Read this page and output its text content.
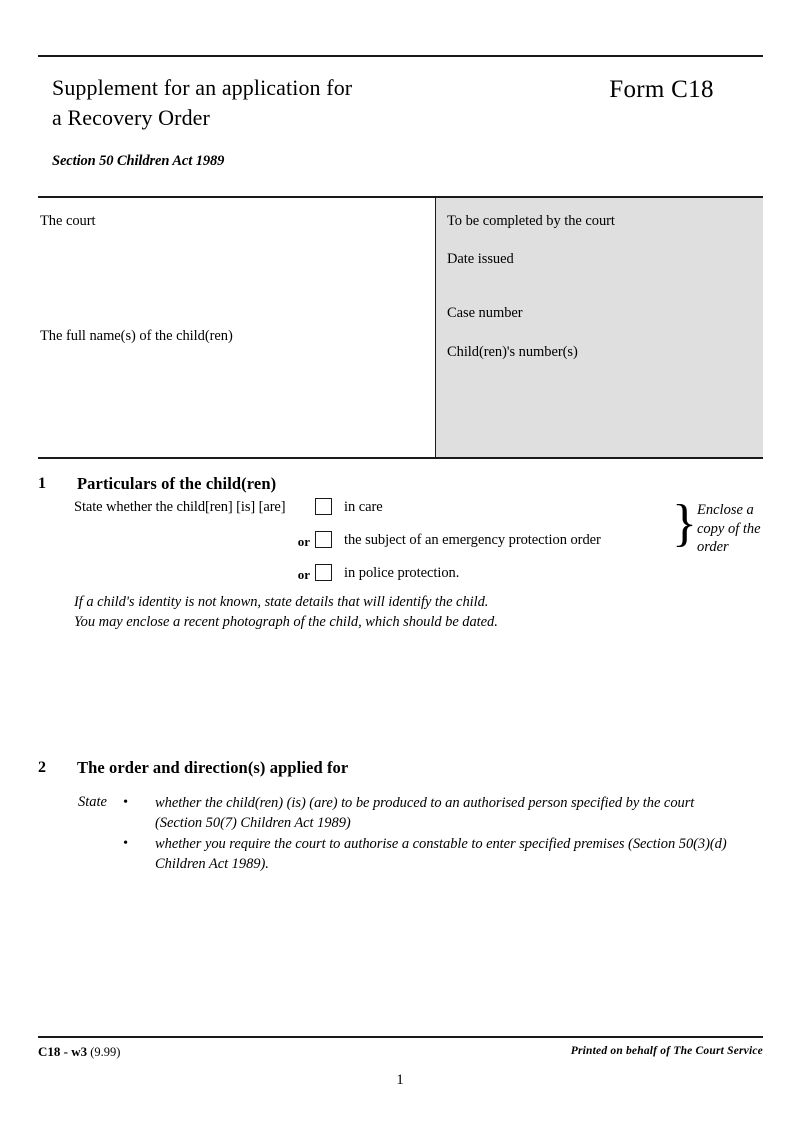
Supplement for an application for
a Recovery Order
Form C18
Section 50 Children Act 1989
The court
The full name(s) of the child(ren)
To be completed by the court
Date issued
Case number
Child(ren)'s number(s)
1 Particulars of the child(ren)
State whether the child[ren] [is] [are]	in care
or the subject of an emergency protection order
or in police protection.
} Enclose a copy of the order
If a child's identity is not known, state details that will identify the child.
You may enclose a recent photograph of the child, which should be dated.
2 The order and direction(s) applied for
State • whether the child(ren) (is) (are) to be produced to an authorised person specified by the court (Section 50(7) Children Act 1989)
• whether you require the court to authorise a constable to enter specified premises (Section 50(3)(d) Children Act 1989).
C18 - w3 (9.99)	Printed on behalf of The Court Service
1
